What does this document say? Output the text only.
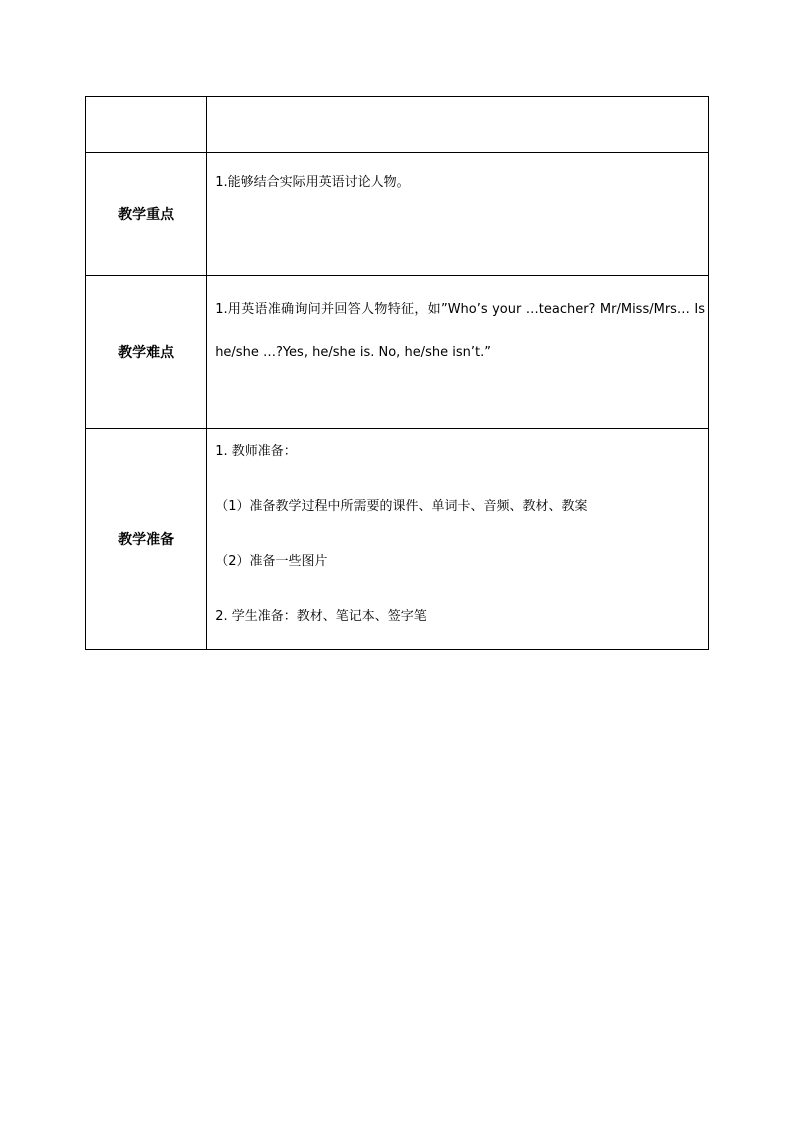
教学重点	1.能够结合实际用英语讨论人物。

教学难点	1.用英语准确询问并回答人物特征，如”Who’s your …teacher? Mr/Miss/Mrs… Is he/she …?Yes, he/she is. No, he/she isn’t.”

教学准备	1. 教师准备：

（1）准备教学过程中所需要的课件、单词卡、音频、教材、教案

（2）准备一些图片

2. 学生准备：教材、笔记本、签字笔
